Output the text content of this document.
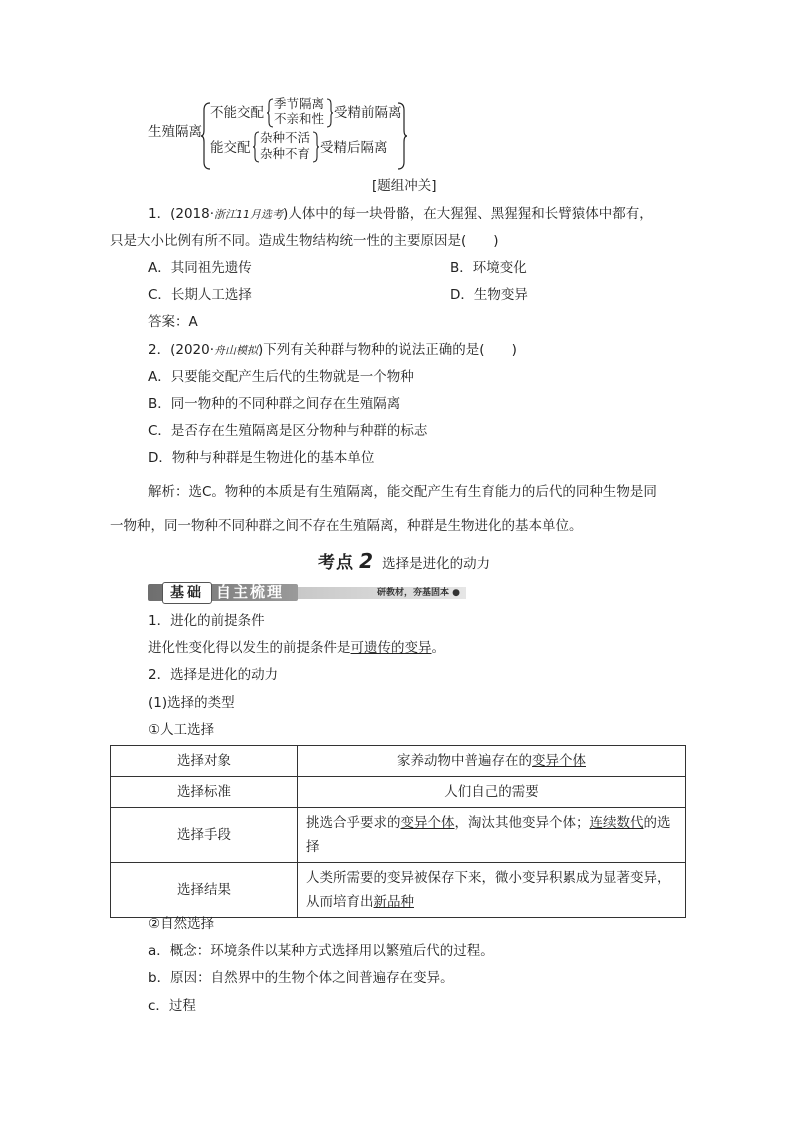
生殖隔离
不能交配
季节隔离
不亲和性 受精前隔离
能交配
杂种不活
杂种不育 受精后隔离
[题组冲关]
1．(2018·浙江11月选考)人体中的每一块骨骼，在大猩猩、黑猩猩和长臂猿体中都有，
只是大小比例有所不同。造成生物结构统一性的主要原因是(　　)
A．其同祖先遗传	B．环境变化
C．长期人工选择	D．生物变异
答案：A
2．(2020·舟山模拟)下列有关种群与物种的说法正确的是(　　)
A．只要能交配产生后代的生物就是一个物种
B．同一物种的不同种群之间存在生殖隔离
C．是否存在生殖隔离是区分物种与种群的标志
D．物种与种群是生物进化的基本单位
解析：选C。物种的本质是有生殖隔离，能交配产生有生育能力的后代的同种生物是同
一物种，同一物种不同种群之间不存在生殖隔离，种群是生物进化的基本单位。
考点 2 选择是进化的动力
基础 自主梳理	研教材，夯基固本 ●
1．进化的前提条件
进化性变化得以发生的前提条件是可遗传的变异。
2．选择是进化的动力
(1)选择的类型
①人工选择
选择对象	家养动物中普遍存在的变异个体
选择标准	人们自己的需要
选择手段	挑选合乎要求的变异个体，淘汰其他变异个体；连续数代的选择
选择结果	人类所需要的变异被保存下来，微小变异积累成为显著变异，从而培育出新品种
②自然选择
a．概念：环境条件以某种方式选择用以繁殖后代的过程。
b．原因：自然界中的生物个体之间普遍存在变异。
c．过程
